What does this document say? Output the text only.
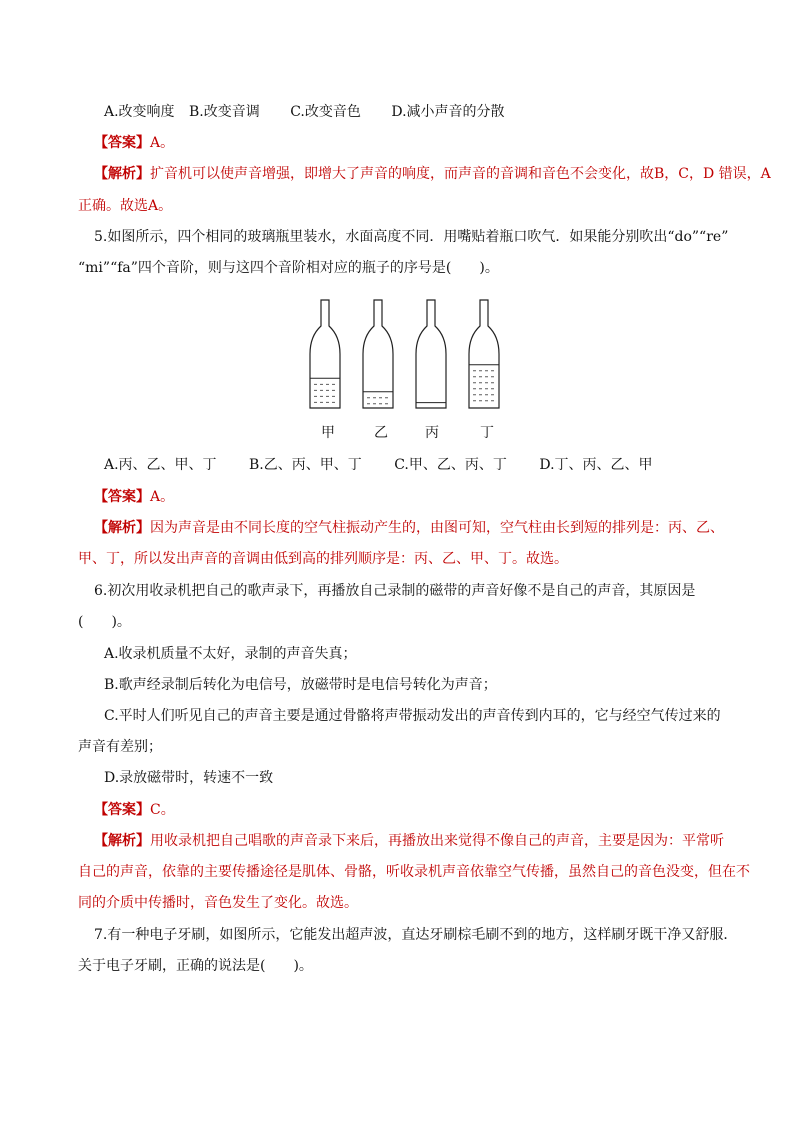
A.改变响度 B.改变音调 C.改变音色 D.减小声音的分散
【答案】A。
【解析】扩音机可以使声音增强，即增大了声音的响度，而声音的音调和音色不会变化，故B，C，D 错误，A
正确。故选A。
5.如图所示，四个相同的玻璃瓶里装水，水面高度不同．用嘴贴着瓶口吹气．如果能分别吹出“do”“re”
“mi”“fa”四个音阶，则与这四个音阶相对应的瓶子的序号是(　　)。
甲	乙	丙	丁
A.丙、乙、甲、丁 B.乙、丙、甲、丁 C.甲、乙、丙、丁 D.丁、丙、乙、甲
【答案】A。
【解析】因为声音是由不同长度的空气柱振动产生的，由图可知，空气柱由长到短的排列是：丙、乙、
甲、丁，所以发出声音的音调由低到高的排列顺序是：丙、乙、甲、丁。故选。
6.初次用收录机把自己的歌声录下，再播放自己录制的磁带的声音好像不是自己的声音，其原因是
(　　)。
A.收录机质量不太好，录制的声音失真；
B.歌声经录制后转化为电信号，放磁带时是电信号转化为声音；
C.平时人们听见自己的声音主要是通过骨骼将声带振动发出的声音传到内耳的，它与经空气传过来的
声音有差别；
D.录放磁带时，转速不一致
【答案】C。
【解析】用收录机把自己唱歌的声音录下来后，再播放出来觉得不像自己的声音，主要是因为：平常听
自己的声音，依靠的主要传播途径是肌体、骨骼，听收录机声音依靠空气传播，虽然自己的音色没变，但在不
同的介质中传播时，音色发生了变化。故选。
7.有一种电子牙刷，如图所示，它能发出超声波，直达牙刷棕毛刷不到的地方，这样刷牙既干净又舒服．
关于电子牙刷，正确的说法是(　　)。
